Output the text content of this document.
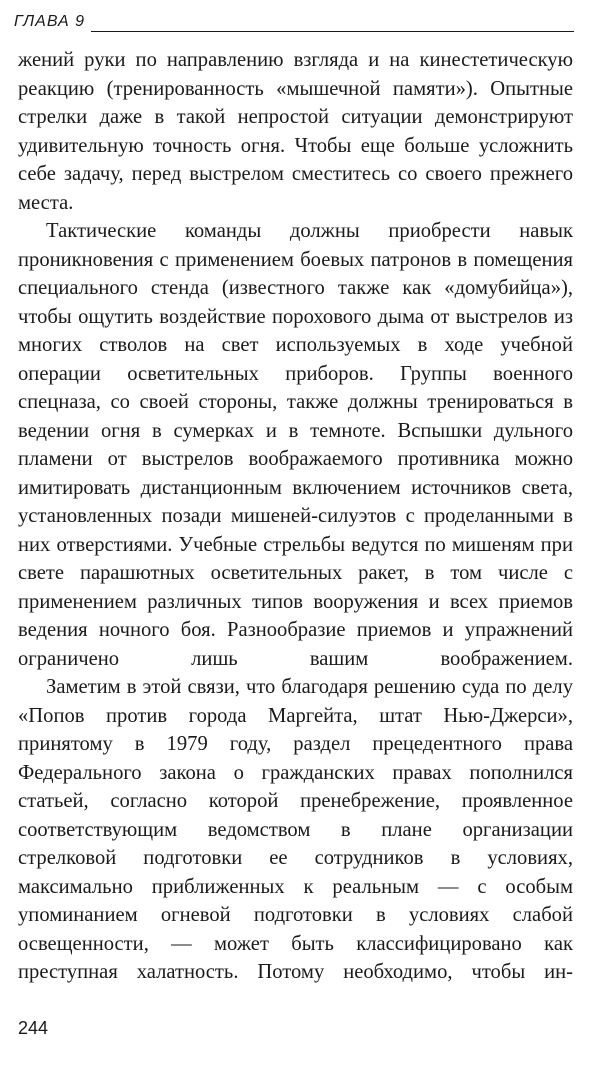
ГЛАВА 9

жений руки по направлению взгляда и на кинестетическую реакцию (тренированность «мышечной памяти»). Опытные стрелки даже в такой непростой ситуации демонстрируют удивительную точность огня. Чтобы еще больше усложнить себе задачу, перед выстрелом сместитесь со своего прежнего места.

Тактические команды должны приобрести навык проникновения с применением боевых патронов в помещения специального стенда (известного также как «домубийца»), чтобы ощутить воздействие порохового дыма от выстрелов из многих стволов на свет используемых в ходе учебной операции осветительных приборов. Группы военного спецназа, со своей стороны, также должны тренироваться в ведении огня в сумерках и в темноте. Вспышки дульного пламени от выстрелов воображаемого противника можно имитировать дистанционным включением источников света, установленных позади мишеней-силуэтов с проделанными в них отверстиями. Учебные стрельбы ведутся по мишеням при свете парашютных осветительных ракет, в том числе с применением различных типов вооружения и всех приемов ведения ночного боя. Разнообразие приемов и упражнений ограничено лишь вашим воображением.

Заметим в этой связи, что благодаря решению суда по делу «Попов против города Маргейта, штат Нью-Джерси», принятому в 1979 году, раздел прецедентного права Федерального закона о гражданских правах пополнился статьей, согласно которой пренебрежение, проявленное соответствующим ведомством в плане организации стрелковой подготовки ее сотрудников в условиях, максимально приближенных к реальным — с особым упоминанием огневой подготовки в условиях слабой освещенности, — может быть классифицировано как преступная халатность. Потому необходимо, чтобы ин-

244
